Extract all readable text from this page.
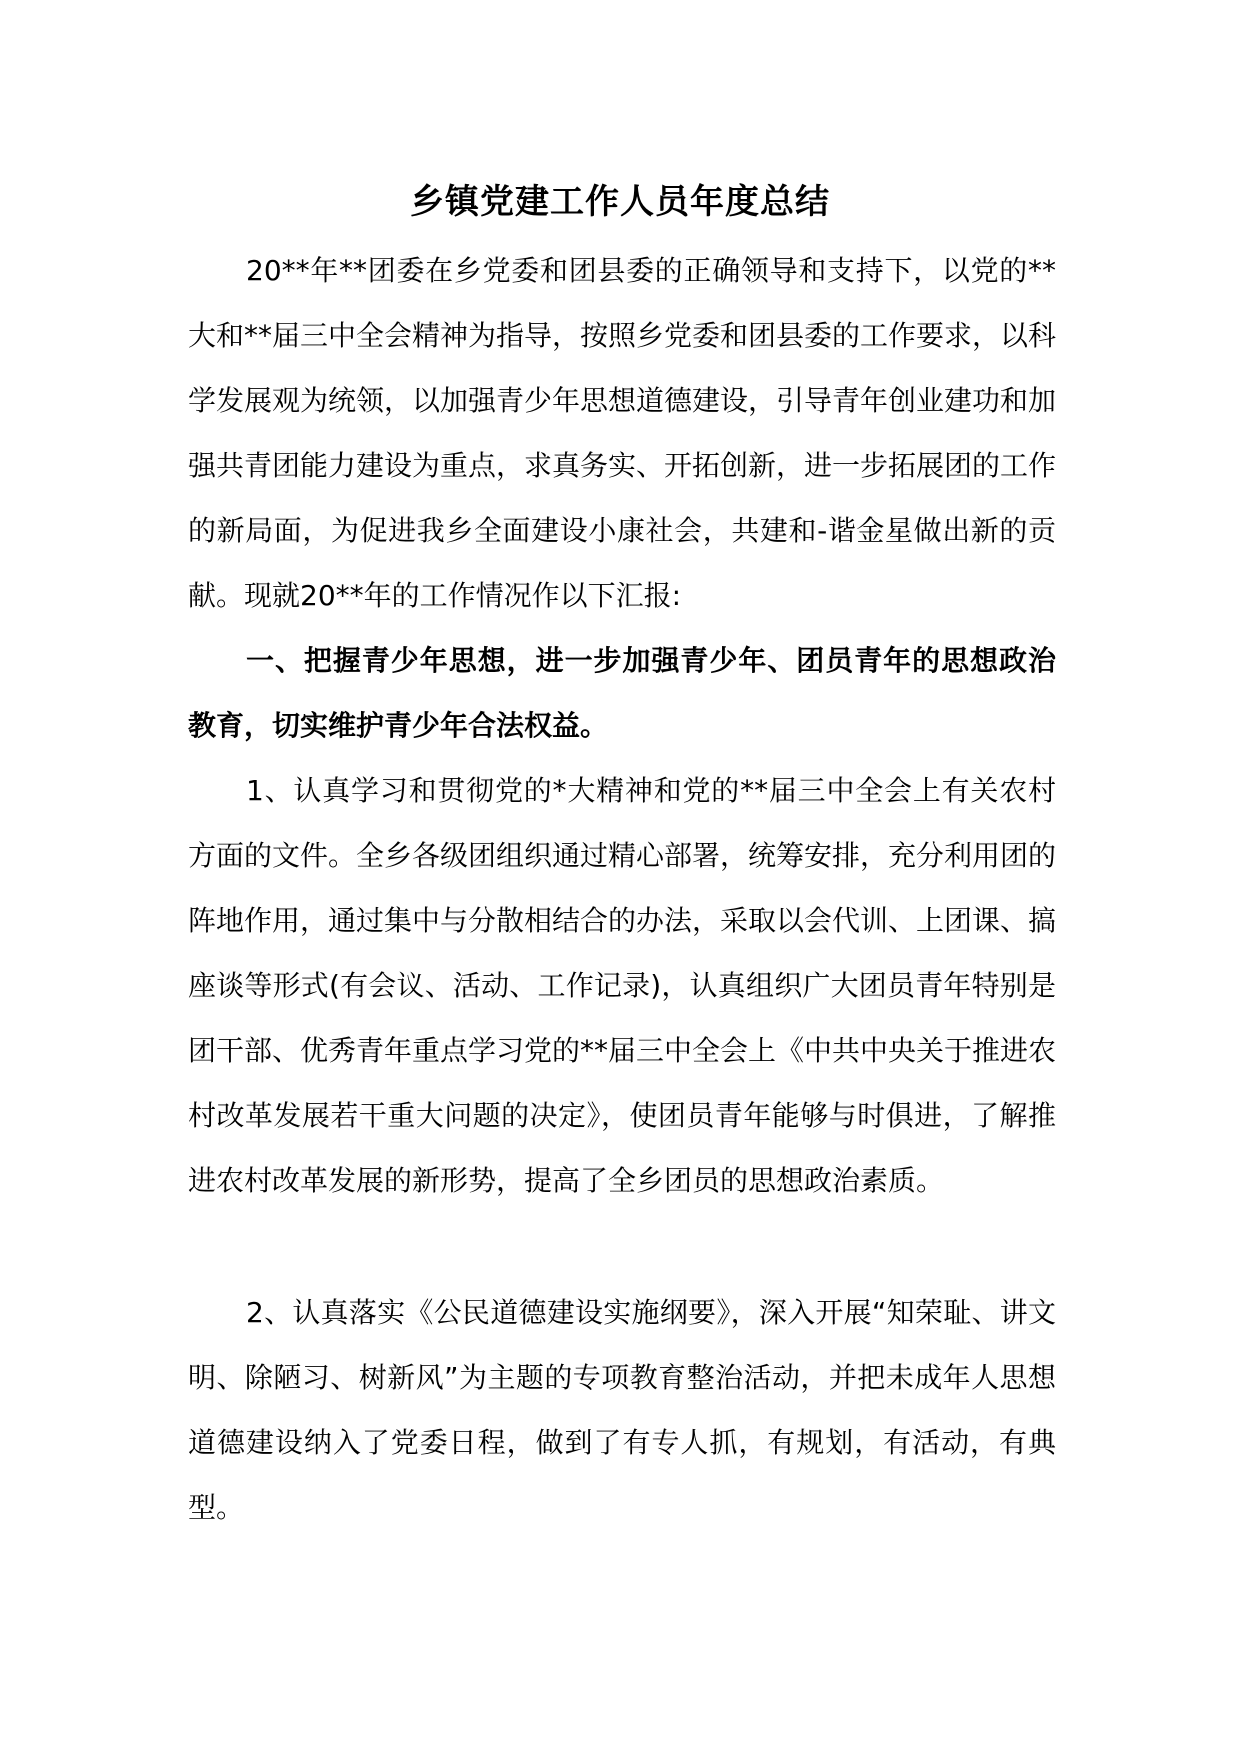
乡镇党建工作人员年度总结

20**年**团委在乡党委和团县委的正确领导和支持下，以党的**大和**届三中全会精神为指导，按照乡党委和团县委的工作要求，以科学发展观为统领，以加强青少年思想道德建设，引导青年创业建功和加强共青团能力建设为重点，求真务实、开拓创新，进一步拓展团的工作的新局面，为促进我乡全面建设小康社会，共建和-谐金星做出新的贡献。现就20**年的工作情况作以下汇报:

一、把握青少年思想，进一步加强青少年、团员青年的思想政治教育，切实维护青少年合法权益。

1、认真学习和贯彻党的*大精神和党的**届三中全会上有关农村方面的文件。全乡各级团组织通过精心部署，统筹安排，充分利用团的阵地作用，通过集中与分散相结合的办法，采取以会代训、上团课、搞座谈等形式(有会议、活动、工作记录)，认真组织广大团员青年特别是团干部、优秀青年重点学习党的**届三中全会上《中共中央关于推进农村改革发展若干重大问题的决定》，使团员青年能够与时俱进，了解推进农村改革发展的新形势，提高了全乡团员的思想政治素质。

2、认真落实《公民道德建设实施纲要》，深入开展“知荣耻、讲文明、除陋习、树新风”为主题的专项教育整治活动，并把未成年人思想道德建设纳入了党委日程，做到了有专人抓，有规划，有活动，有典型。
